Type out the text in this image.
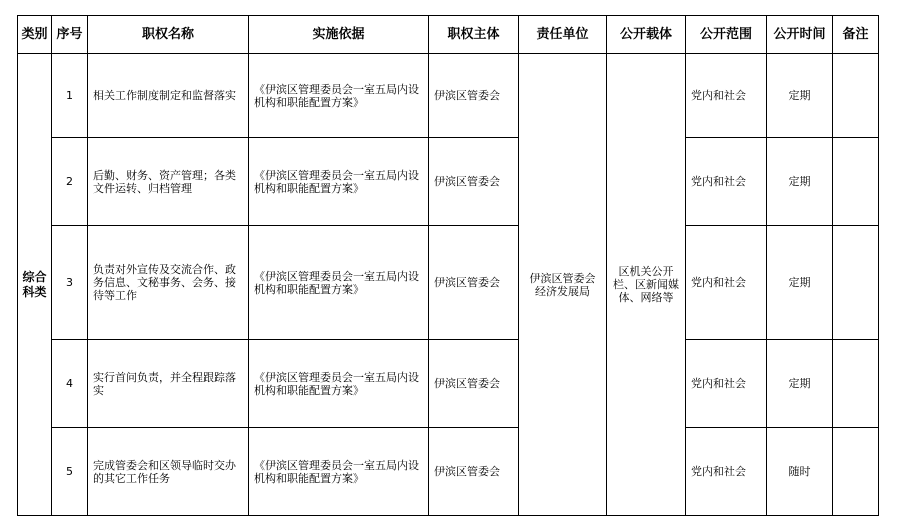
类别	序号	职权名称	实施依据	职权主体	责任单位	公开载体	公开范围	公开时间	备注
综合科类	1	相关工作制度制定和监督落实	《伊滨区管理委员会一室五局内设机构和职能配置方案》	伊滨区管委会	伊滨区管委会经济发展局	区机关公开栏、区新闻媒体、网络等	党内和社会	定期	
	2	后勤、财务、资产管理；各类文件运转、归档管理	《伊滨区管理委员会一室五局内设机构和职能配置方案》	伊滨区管委会			党内和社会	定期	
	3	负责对外宣传及交流合作、政务信息、文秘事务、会务、接待等工作	《伊滨区管理委员会一室五局内设机构和职能配置方案》	伊滨区管委会			党内和社会	定期	
	4	实行首问负责，并全程跟踪落实	《伊滨区管理委员会一室五局内设机构和职能配置方案》	伊滨区管委会			党内和社会	定期	
	5	完成管委会和区领导临时交办的其它工作任务	《伊滨区管理委员会一室五局内设机构和职能配置方案》	伊滨区管委会			党内和社会	随时	
